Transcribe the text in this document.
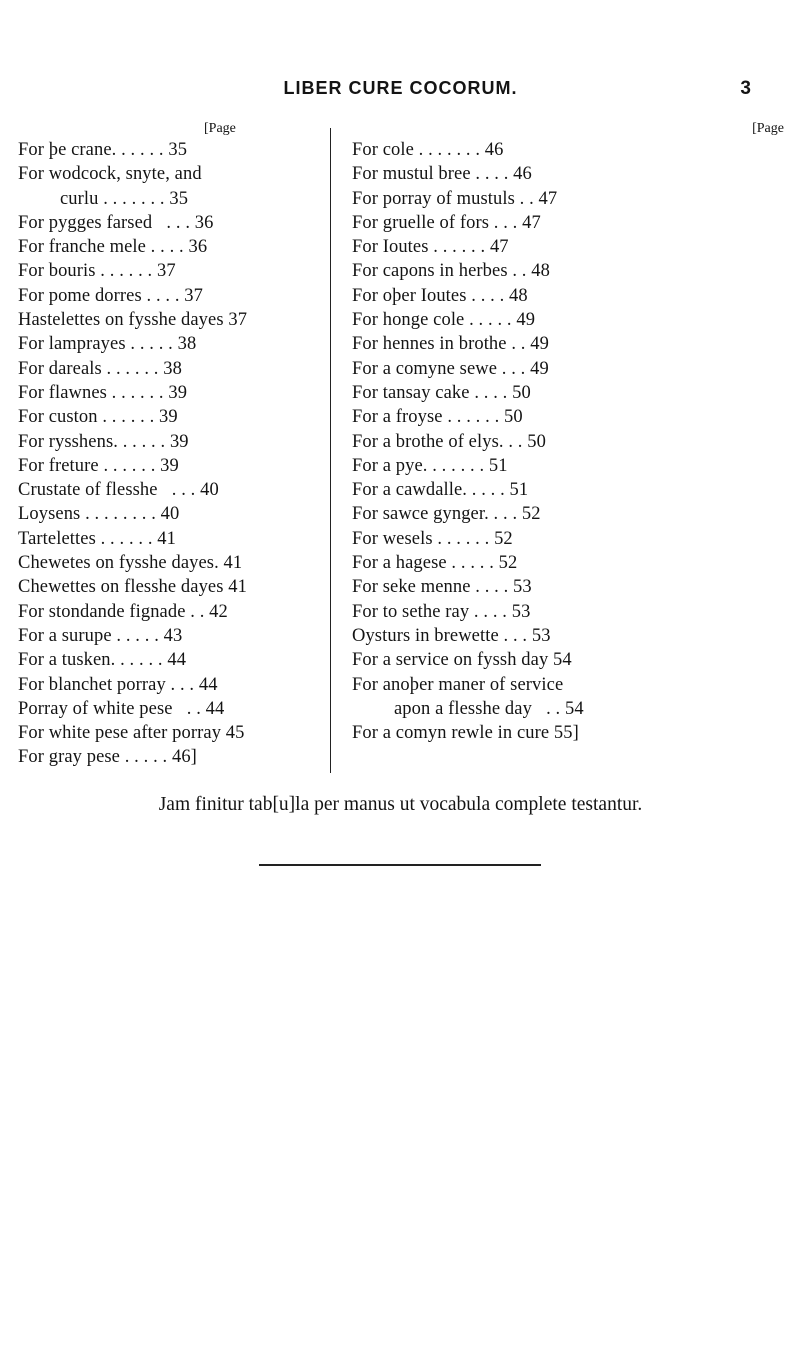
LIBER CURE COCORUM.	3
[Page
For þe crane. . . . . . 35
For wodcock, snyte, and
curlu . . . . . . . 35
For pygges farsed   . . . 36
For franche mele . . . . 36
For bouris . . . . . . 37
For pome dorres . . . . 37
Hastelettes on fysshe dayes 37
For lamprayes . . . . . 38
For dareals . . . . . . 38
For flawnes . . . . . . 39
For custon . . . . . . 39
For rysshens. . . . . . 39
For freture . . . . . . 39
Crustate of flesshe   . . . 40
Loysens . . . . . . . . 40
Tartelettes . . . . . . 41
Chewetes on fysshe dayes. 41
Chewettes on flesshe dayes 41
For stondande fignade . . 42
For a surupe . . . . . 43
For a tusken. . . . . . 44
For blanchet porray . . . 44
Porray of white pese   . . 44
For white pese after porray 45
For gray pese . . . . . 46]
[Page
For cole . . . . . . . 46
For mustul bree . . . . 46
For porray of mustuls . . 47
For gruelle of fors . . . 47
For Ioutes . . . . . . 47
For capons in herbes . . 48
For oþer Ioutes . . . . 48
For honge cole . . . . . 49
For hennes in brothe . . 49
For a comyne sewe . . . 49
For tansay cake . . . . 50
For a froyse . . . . . . 50
For a brothe of elys. . . 50
For a pye. . . . . . . 51
For a cawdalle. . . . . 51
For sawce gynger. . . . 52
For wesels . . . . . . 52
For a hagese . . . . . 52
For seke menne . . . . 53
For to sethe ray . . . . 53
Oysturs in brewette . . . 53
For a service on fyssh day 54
For anoþer maner of service
apon a flesshe day   . . 54
For a comyn rewle in cure 55]
Jam finitur tab[u]la per manus ut vocabula complete testantur.
